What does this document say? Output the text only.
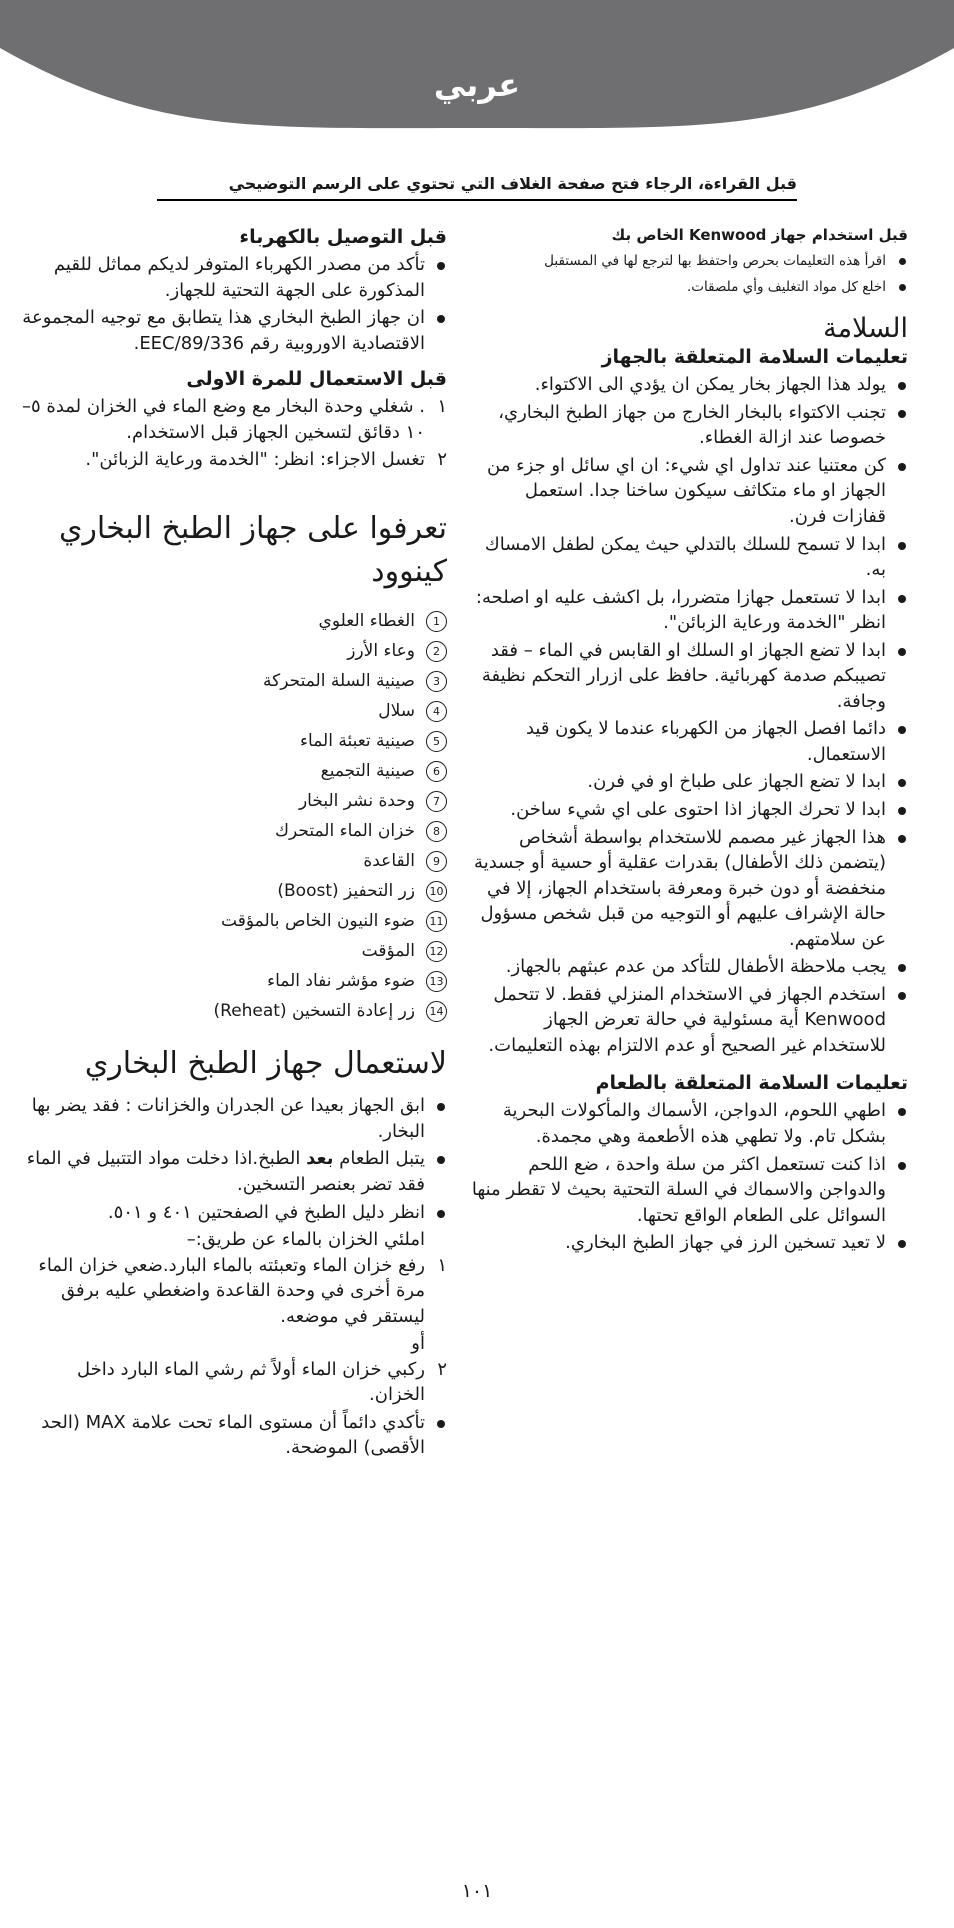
عربي
قبل القراءة، الرجاء فتح صفحة الغلاف التي تحتوي على الرسم التوضيحي
قبل استخدام جهاز Kenwood الخاص بك
اقرأ هذه التعليمات بحرص واحتفظ بها لترجع لها في المستقبل
اخلع كل مواد التغليف وأي ملصقات.
السلامة
تعليمات السلامة المتعلقة بالجهاز
يولد هذا الجهاز بخار يمكن ان يؤدي الى الاكتواء.
تجنب الاكتواء بالبخار الخارج من جهاز الطبخ البخاري، خصوصا عند ازالة الغطاء.
كن معتنيا عند تداول اي شيء: ان اي سائل او جزء من الجهاز او ماء متكاثف سيكون ساخنا جدا. استعمل قفازات فرن.
ابدا لا تسمح للسلك بالتدلي حيث يمكن لطفل الامساك به.
ابدا لا تستعمل جهازا متضررا، بل اكشف عليه او اصلحه: انظر "الخدمة ورعاية الزبائن".
ابدا لا تضع الجهاز او السلك او القابس في الماء – فقد تصيبكم صدمة كهربائية. حافظ على ازرار التحكم نظيفة وجافة.
دائما افصل الجهاز من الكهرباء عندما لا يكون قيد الاستعمال.
ابدا لا تضع الجهاز على طباخ او في فرن.
ابدا لا تحرك الجهاز اذا احتوى على اي شيء ساخن.
هذا الجهاز غير مصمم للاستخدام بواسطة أشخاص (يتضمن ذلك الأطفال) بقدرات عقلية أو حسية أو جسدية منخفضة أو دون خبرة ومعرفة باستخدام الجهاز، إلا في حالة الإشراف عليهم أو التوجيه من قبل شخص مسؤول عن سلامتهم.
يجب ملاحظة الأطفال للتأكد من عدم عبثهم بالجهاز.
استخدم الجهاز في الاستخدام المنزلي فقط. لا تتحمل Kenwood أية مسئولية في حالة تعرض الجهاز للاستخدام غير الصحيح أو عدم الالتزام بهذه التعليمات.
تعليمات السلامة المتعلقة بالطعام
اطهي اللحوم، الدواجن، الأسماك والمأكولات البحرية بشكل تام. ولا تطهي هذه الأطعمة وهي مجمدة.
اذا كنت تستعمل اكثر من سلة واحدة ، ضع اللحم والدواجن والاسماك في السلة التحتية بحيث لا تقطر منها السوائل على الطعام الواقع تحتها.
لا تعيد تسخين الرز في جهاز الطبخ البخاري.
قبل التوصيل بالكهرباء
تأكد من مصدر الكهرباء المتوفر لديكم مماثل للقيم المذكورة على الجهة التحتية للجهاز.
ان جهاز الطبخ البخاري هذا يتطابق مع توجيه المجموعة الاقتصادية الاوروبية رقم 89/336/EEC.
قبل الاستعمال للمرة الاولى
١
. شغلي وحدة البخار مع وضع الماء في الخزان لمدة ٥–١٠ دقائق لتسخين الجهاز قبل الاستخدام.
٢
تغسل الاجزاء: انظر: "الخدمة ورعاية الزبائن".
تعرفوا على جهاز الطبخ البخاري كينوود
1
الغطاء العلوي
2
وعاء الأرز
3
صينية السلة المتحركة
4
سلال
5
صينية تعبئة الماء
6
صينية التجميع
7
وحدة نشر البخار
8
خزان الماء المتحرك
9
القاعدة
10
زر التحفيز (Boost)
11
ضوء النيون الخاص بالمؤقت
12
المؤقت
13
ضوء مؤشر نفاد الماء
14
زر إعادة التسخين (Reheat)
لاستعمال جهاز الطبخ البخاري
ابق الجهاز بعيدا عن الجدران والخزانات : فقد يضر بها البخار.
يتبل الطعام بعد الطبخ.اذا دخلت مواد التتبيل في الماء فقد تضر بعنصر التسخين.
انظر دليل الطبخ في الصفحتين ٤٠١ و ٥٠١.
املئي الخزان بالماء عن طريق:–
١
رفع خزان الماء وتعبئته بالماء البارد.ضعي خزان الماء مرة أخرى في وحدة القاعدة واضغطي عليه برفق ليستقر في موضعه.
أو
٢
ركبي خزان الماء أولاً ثم رشي الماء البارد داخل الخزان.
تأكدي دائماً أن مستوى الماء تحت علامة MAX (الحد الأقصى) الموضحة.
١٠١
